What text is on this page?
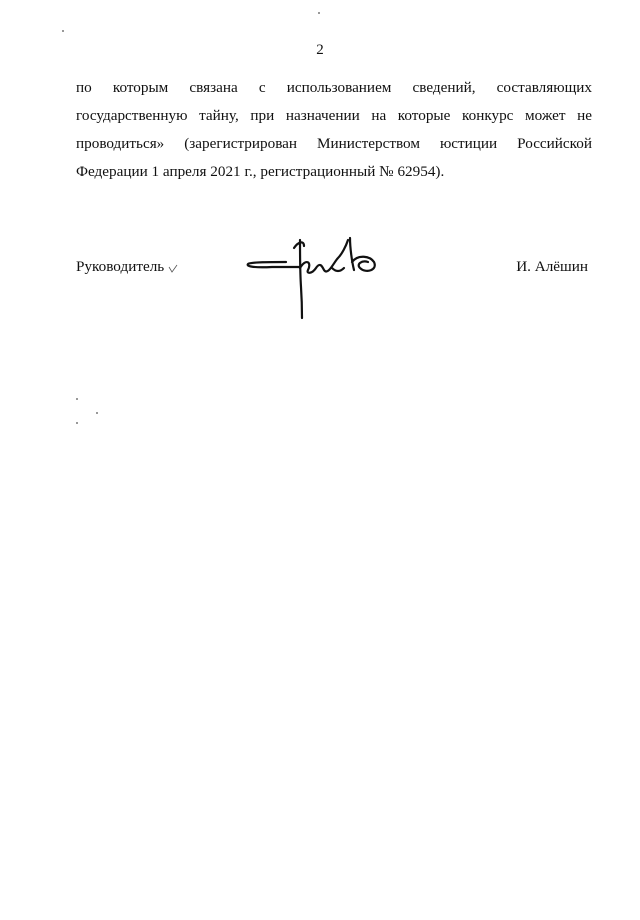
2
по которым связана с использованием сведений, составляющих
государственную тайну, при назначении на которые конкурс может не
проводиться» (зарегистрирован Министерством юстиции Российской
Федерации 1 апреля 2021 г., регистрационный № 62954).
Руководитель	И. Алёшин
